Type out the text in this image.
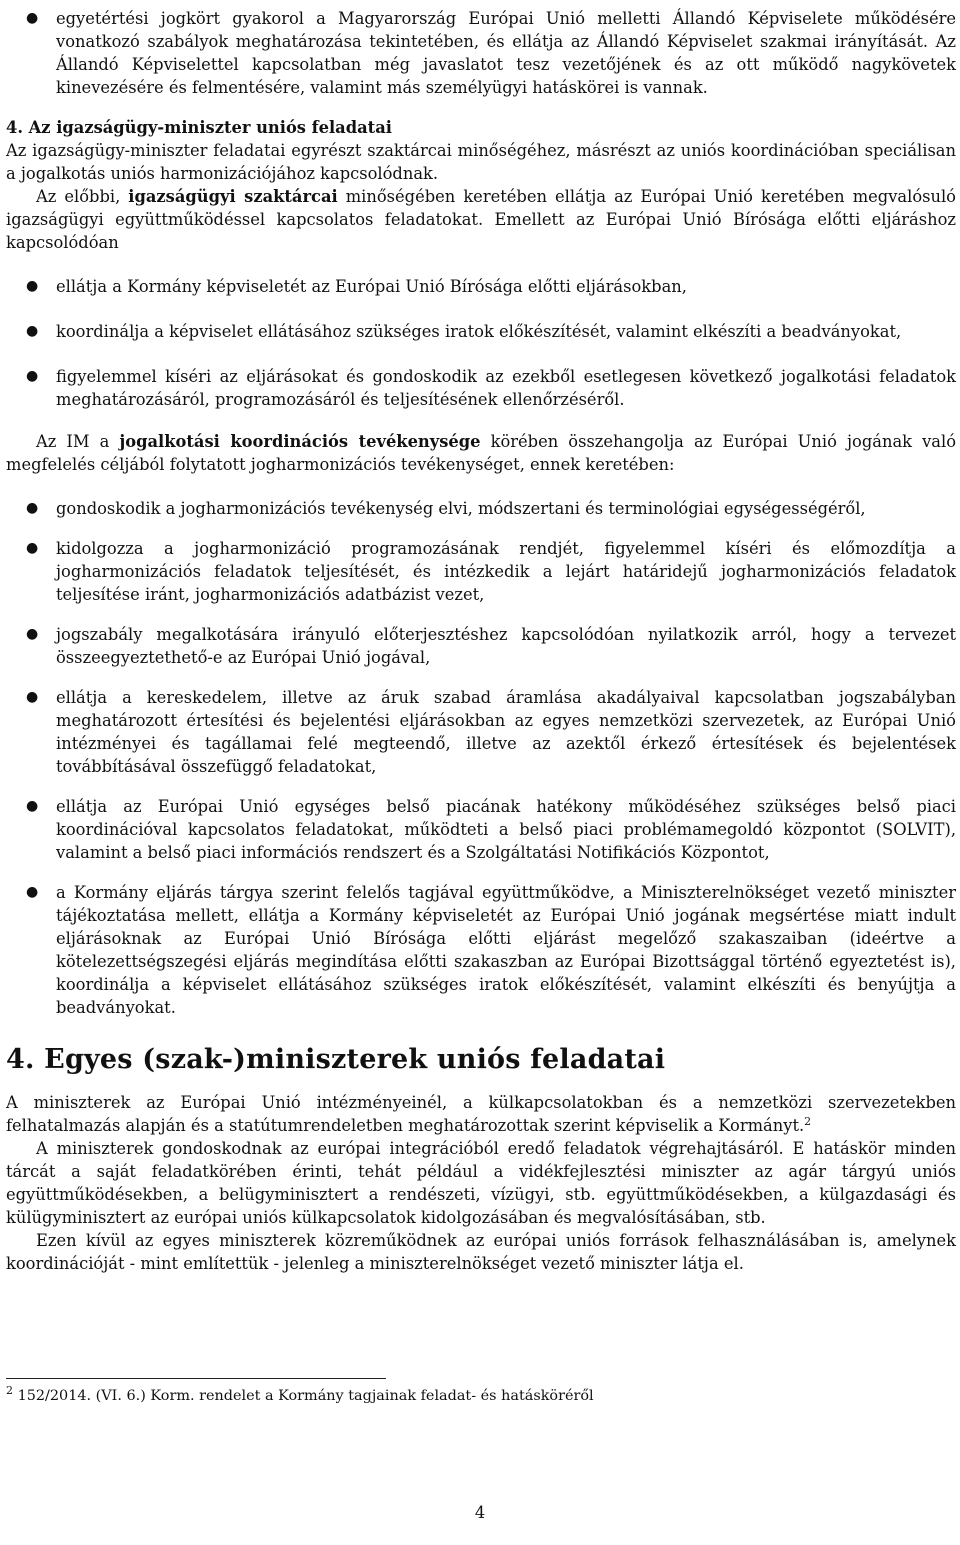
● egyetértési jogkört gyakorol a Magyarország Európai Unió melletti Állandó Képviselete működésére vonatkozó szabályok meghatározása tekintetében, és ellátja az Állandó Képviselet szakmai irányítását. Az Állandó Képviselettel kapcsolatban még javaslatot tesz vezetőjének és az ott működő nagykövetek kinevezésére és felmentésére, valamint más személyügyi hatáskörei is vannak.

4. Az igazságügy-miniszter uniós feladatai

Az igazságügy-miniszter feladatai egyrészt szaktárcai minőségéhez, másrészt az uniós koordinációban speciálisan a jogalkotás uniós harmonizációjához kapcsolódnak.

Az előbbi, igazságügyi szaktárcai minőségében keretében ellátja az Európai Unió keretében megvalósuló igazságügyi együttműködéssel kapcsolatos feladatokat. Emellett az Európai Unió Bírósága előtti eljáráshoz kapcsolódóan

● ellátja a Kormány képviseletét az Európai Unió Bírósága előtti eljárásokban,
● koordinálja a képviselet ellátásához szükséges iratok előkészítését, valamint elkészíti a beadványokat,
● figyelemmel kíséri az eljárásokat és gondoskodik az ezekből esetlegesen következő jogalkotási feladatok meghatározásáról, programozásáról és teljesítésének ellenőrzéséről.

Az IM a jogalkotási koordinációs tevékenysége körében összehangolja az Európai Unió jogának való megfelelés céljából folytatott jogharmonizációs tevékenységet, ennek keretében:

● gondoskodik a jogharmonizációs tevékenység elvi, módszertani és terminológiai egységességéről,
● kidolgozza a jogharmonizáció programozásának rendjét, figyelemmel kíséri és előmozdítja a jogharmonizációs feladatok teljesítését, és intézkedik a lejárt határidejű jogharmonizációs feladatok teljesítése iránt, jogharmonizációs adatbázist vezet,
● jogszabály megalkotására irányuló előterjesztéshez kapcsolódóan nyilatkozik arról, hogy a tervezet összeegyeztethető-e az Európai Unió jogával,
● ellátja a kereskedelem, illetve az áruk szabad áramlása akadályaival kapcsolatban jogszabályban meghatározott értesítési és bejelentési eljárásokban az egyes nemzetközi szervezetek, az Európai Unió intézményei és tagállamai felé megteendő, illetve az azektől érkező értesítések és bejelentések továbbításával összefüggő feladatokat,
● ellátja az Európai Unió egységes belső piacának hatékony működéséhez szükséges belső piaci koordinációval kapcsolatos feladatokat, működteti a belső piaci problémamegoldó központot (SOLVIT), valamint a belső piaci információs rendszert és a Szolgáltatási Notifikációs Központot,
● a Kormány eljárás tárgya szerint felelős tagjával együttműködve, a Miniszterelnökséget vezető miniszter tájékoztatása mellett, ellátja a Kormány képviseletét az Európai Unió jogának megsértése miatt indult eljárásoknak az Európai Unió Bírósága előtti eljárást megelőző szakaszaiban (ideértve a kötelezettségszegési eljárás megindítása előtti szakaszban az Európai Bizottsággal történő egyeztetést is), koordinálja a képviselet ellátásához szükséges iratok előkészítését, valamint elkészíti és benyújtja a beadványokat.
4. Egyes (szak-)miniszterek uniós feladatai

A miniszterek az Európai Unió intézményeinél, a külkapcsolatokban és a nemzetközi szervezetekben felhatalmazás alapján és a statútumrendeletben meghatározottak szerint képviselik a Kormányt.$^2$

A miniszterek gondoskodnak az európai integrációból eredő feladatok végrehajtásáról. E hatáskör minden tárcát a saját feladatkörében érinti, tehát például a vidékfejlesztési miniszter az agár tárgyú uniós együttműködésekben, a belügyminisztert a rendészeti, vízügyi, stb. együttműködésekben, a külgazdasági és külügyminisztert az európai uniós külkapcsolatok kidolgozásában és megvalósításában, stb.

Ezen kívül az egyes miniszterek közreműködnek az európai uniós források felhasználásában is, amelynek koordinációját - mint említettük - jelenleg a miniszterelnökséget vezető miniszter látja el.

$^2$ 152/2014. (VI. 6.) Korm. rendelet a Kormány tagjainak feladat- és hatásköréről
4
